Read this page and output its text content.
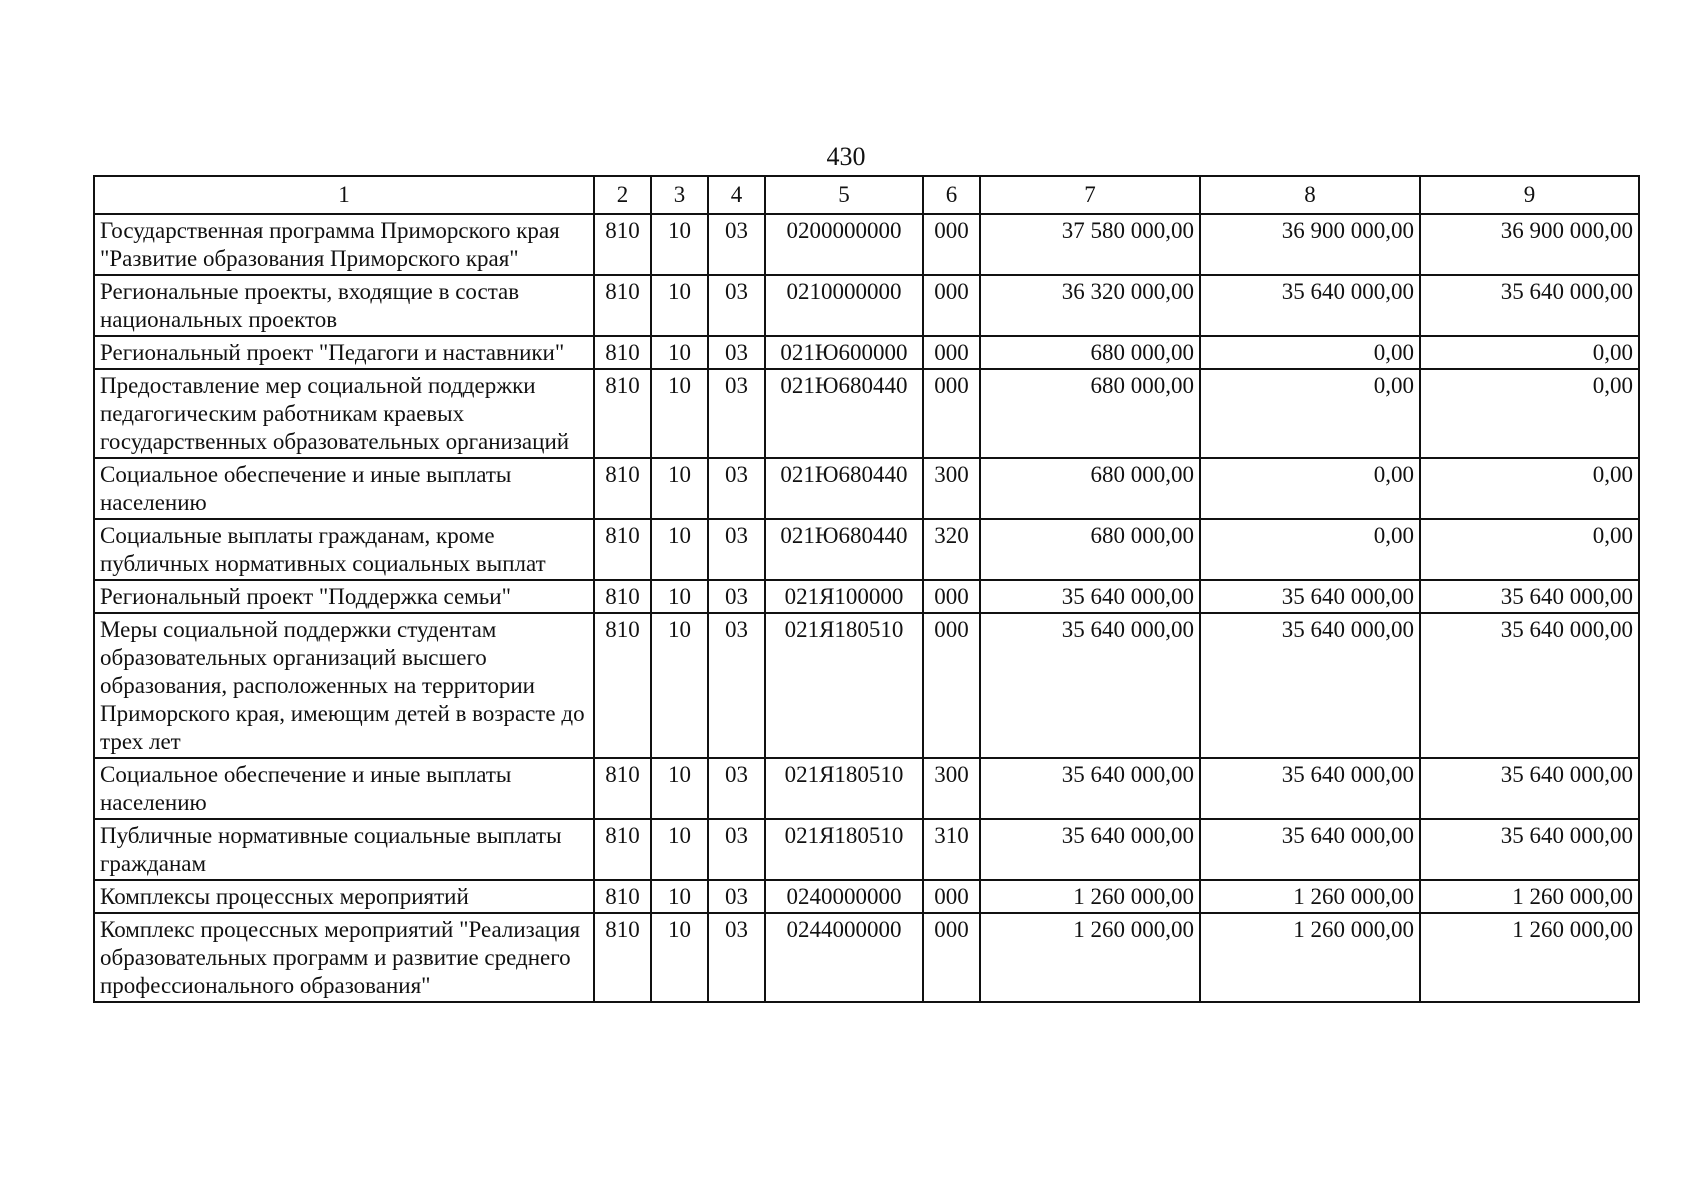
430
1	2	3	4	5	6	7	8	9
Государственная программа Приморского края "Развитие образования Приморского края"	810	10	03	0200000000	000	37 580 000,00	36 900 000,00	36 900 000,00
Региональные проекты, входящие в состав национальных проектов	810	10	03	0210000000	000	36 320 000,00	35 640 000,00	35 640 000,00
Региональный проект "Педагоги и наставники"	810	10	03	021Ю600000	000	680 000,00	0,00	0,00
Предоставление мер социальной поддержки педагогическим работникам краевых государственных образовательных организаций	810	10	03	021Ю680440	000	680 000,00	0,00	0,00
Социальное обеспечение и иные выплаты населению	810	10	03	021Ю680440	300	680 000,00	0,00	0,00
Социальные выплаты гражданам, кроме публичных нормативных социальных выплат	810	10	03	021Ю680440	320	680 000,00	0,00	0,00
Региональный проект "Поддержка семьи"	810	10	03	021Я100000	000	35 640 000,00	35 640 000,00	35 640 000,00
Меры социальной поддержки студентам образовательных организаций высшего образования, расположенных на территории Приморского края, имеющим детей в возрасте до трех лет	810	10	03	021Я180510	000	35 640 000,00	35 640 000,00	35 640 000,00
Социальное обеспечение и иные выплаты населению	810	10	03	021Я180510	300	35 640 000,00	35 640 000,00	35 640 000,00
Публичные нормативные социальные выплаты гражданам	810	10	03	021Я180510	310	35 640 000,00	35 640 000,00	35 640 000,00
Комплексы процессных мероприятий	810	10	03	0240000000	000	1 260 000,00	1 260 000,00	1 260 000,00
Комплекс процессных мероприятий "Реализация образовательных программ и развитие среднего профессионального образования"	810	10	03	0244000000	000	1 260 000,00	1 260 000,00	1 260 000,00
